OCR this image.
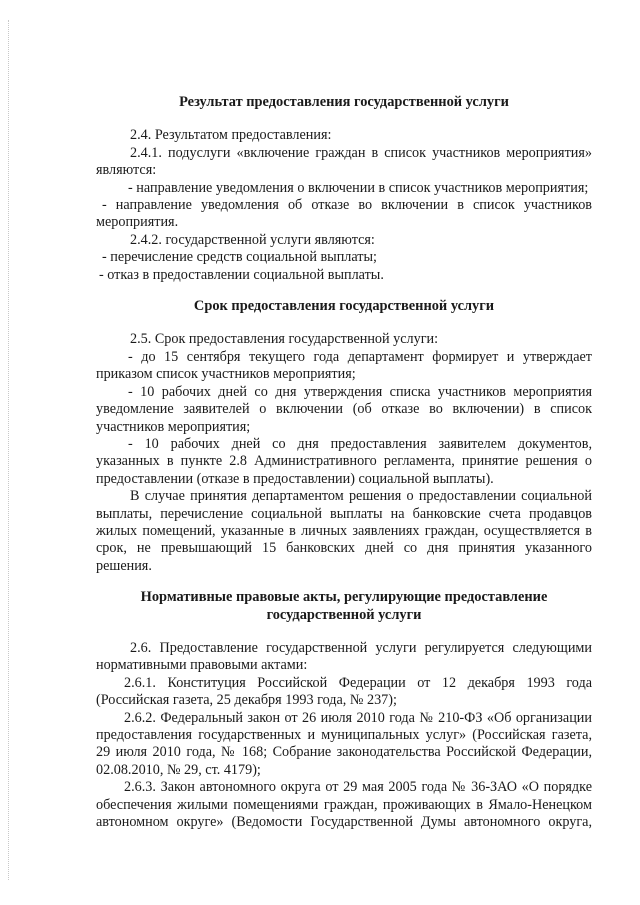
Результат предоставления государственной услуги

2.4. Результатом предоставления:

2.4.1. подуслуги «включение граждан в список участников мероприятия» являются:

- направление уведомления о включении в список участников мероприятия;

- направление уведомления об отказе во включении в список участников мероприятия.

2.4.2. государственной услуги являются:

- перечисление средств социальной выплаты;

- отказ в предоставлении социальной выплаты.

Срок предоставления государственной услуги

2.5. Срок предоставления государственной услуги:

- до 15 сентября текущего года департамент формирует и утверждает приказом список участников мероприятия;

- 10 рабочих дней со дня утверждения списка участников мероприятия уведомление заявителей о включении (об отказе во включении) в список участников мероприятия;

- 10 рабочих дней со дня предоставления заявителем документов, указанных в пункте 2.8 Административного регламента, принятие решения о предоставлении (отказе в предоставлении) социальной выплаты).

В случае принятия департаментом решения о предоставлении социальной выплаты, перечисление социальной выплаты на банковские счета продавцов жилых помещений, указанные в личных заявлениях граждан, осуществляется в срок, не превышающий 15 банковских дней со дня принятия указанного решения.

Нормативные правовые акты, регулирующие предоставление
государственной услуги

2.6. Предоставление государственной услуги регулируется следующими нормативными правовыми актами:

2.6.1. Конституция Российской Федерации от 12 декабря 1993 года (Российская газета, 25 декабря 1993 года, № 237);

2.6.2. Федеральный закон от 26 июля 2010 года № 210-ФЗ «Об организации предоставления государственных и муниципальных услуг» (Российская газета, 29 июля 2010 года, № 168; Собрание законодательства Российской Федерации, 02.08.2010, № 29, ст. 4179);

2.6.3. Закон автономного округа от 29 мая 2005 года № 36-ЗАО «О порядке обеспечения жилыми помещениями граждан, проживающих в Ямало-Ненецком автономном округе» (Ведомости Государственной Думы автономного округа,
